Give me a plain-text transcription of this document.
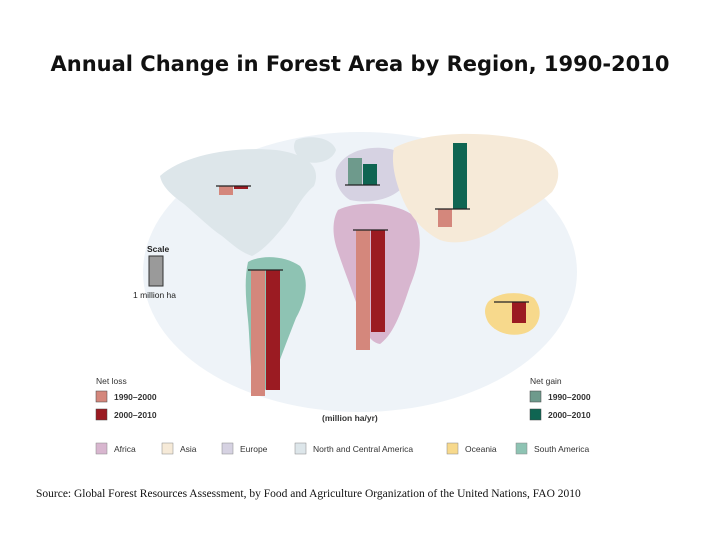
Annual Change in Forest Area by Region, 1990-2010
Scale
1 million ha
Net loss
1990–2000
2000–2010
Net gain
1990–2000
2000–2010
(million ha/yr)
Africa	Asia	Europe	North and Central America	Oceania	South America
Source: Global Forest Resources Assessment, by Food and Agriculture Organization of the United Nations, FAO 2010
